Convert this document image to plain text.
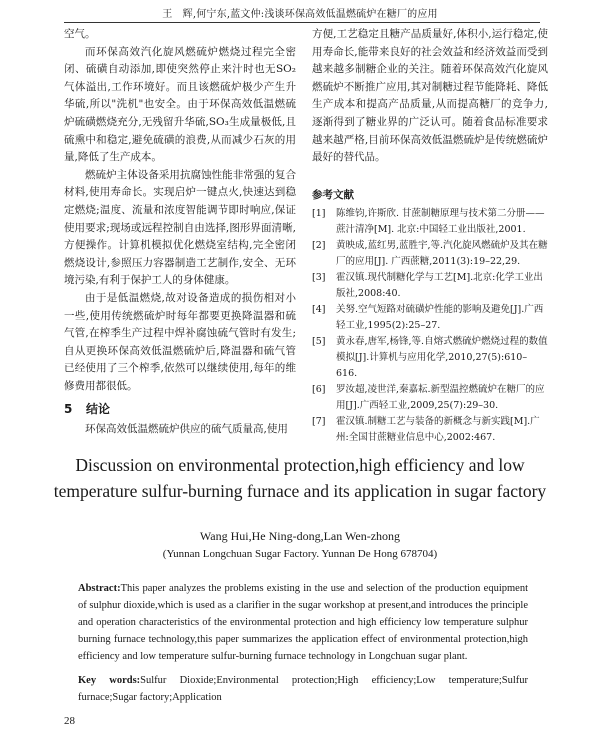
王　辉,何宁东,蓝文仲:浅谈环保高效低温燃硫炉在糖厂的应用

空气。

而环保高效汽化旋风燃硫炉燃烧过程完全密闭、硫磺自动添加,即使突然停止来汁时也无SO₂气体溢出,工作环境好。而且该燃硫炉极少产生升华硫,所以"洗机"也安全。由于环保高效低温燃硫炉硫磺燃烧充分,无残留升华硫,SO₃生成量极低,且硫熏中和稳定,避免硫磺的浪费,从而减少石灰的用量,降低了生产成本。

燃硫炉主体设备采用抗腐蚀性能非常强的复合材料,使用寿命长。实现启炉一键点火,快速达到稳定燃烧;温度、流量和浓度智能调节即时响应,保证使用要求;现场或远程控制自由选择,图形界面清晰,方便操作。计算机模拟优化燃烧室结构,完全密闭燃烧设计,参照压力容器制造工艺制作,安全、无环境污染,有利于保护工人的身体健康。

由于是低温燃烧,故对设备造成的损伤相对小一些,使用传统燃硫炉时每年都要更换降温器和硫气管,在榨季生产过程中焊补腐蚀硫气管时有发生;自从更换环保高效低温燃硫炉后,降温器和硫气管已经使用了三个榨季,依然可以继续使用,每年的维修费用都很低。

5 结论

环保高效低温燃硫炉供应的硫气质量高,使用

方便,工艺稳定且糖产品质量好,体积小,运行稳定,使用寿命长,能带来良好的社会效益和经济效益而受到越来越多制糖企业的关注。随着环保高效汽化旋风燃硫炉不断推广应用,其对制糖过程节能降耗、降低生产成本和提高产品质量,从而提高糖厂的竞争力,逐渐得到了糖业界的广泛认可。随着食品标准要求越来越严格,目前环保高效低温燃硫炉是传统燃硫炉最好的替代品。

参考文献
[1]	陈维钧,许斯欣. 甘蔗制糖原理与技术第二分册——蔗汁清净[M]. 北京:中国轻工业出版社,2001.
[2]	黄映成,蓝红男,蓝胜宇,等.汽化旋风燃硫炉及其在糖厂的应用[J]. 广西蔗糖,2011(3):19–22,29.
[3]	霍汉镇.现代制糖化学与工艺[M].北京:化学工业出版社,2008:40.
[4]	关努.空气短路对硫磺炉性能的影响及避免[J].广西轻工业,1995(2):25–27.
[5]	黄永春,唐军,杨锋,等.自熔式燃硫炉燃烧过程的数值模拟[J].计算机与应用化学,2010,27(5):610–616.
[6]	罗汝超,凌世洋,秦嘉耘.新型温控燃硫炉在糖厂的应用[J].广西轻工业,2009,25(7):29–30.
[7]	霍汉镇.制糖工艺与装备的新概念与新实践[M].广州:全国甘蔗糖业信息中心,2002:467.
Discussion on environmental protection,high efficiency and low
temperature sulfur-burning furnace and its application in sugar factory
Wang Hui,He Ning-dong,Lan Wen-zhong
(Yunnan Longchuan Sugar Factory. Yunnan De Hong 678704)

Abstract:This paper analyzes the problems existing in the use and selection of the production equipment of sulphur dioxide,which is used as a clarifier in the sugar workshop at present,and introduces the principle and operation characteristics of the environmental protection and high efficiency low temperature sulphur burning furnace technology,this paper summarizes the application effect of environmental protection,high efficiency and low temperature sulfur-burning furnace technology in Longchuan sugar plant.

Key words:Sulfur Dioxide;Environmental protection;High efficiency;Low temperature;Sulfur furnace;Sugar factory;Application

28
